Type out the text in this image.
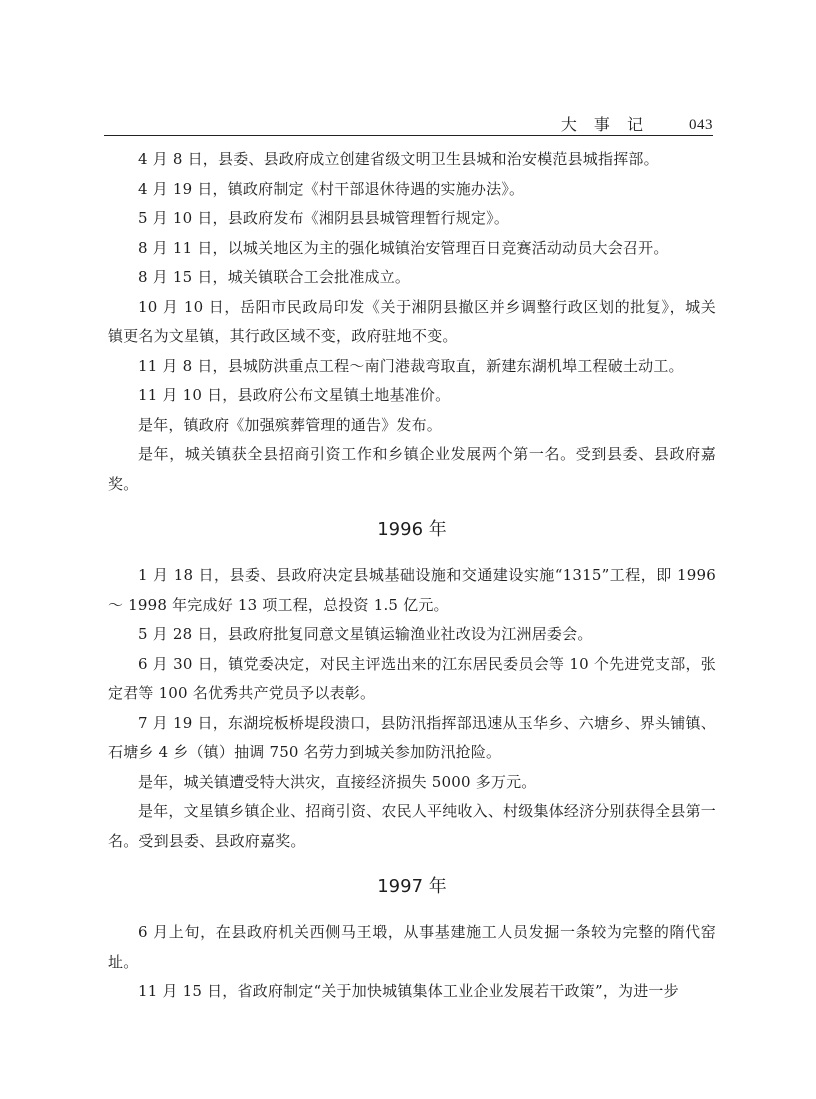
大 事 记	043

4 月 8 日，县委、县政府成立创建省级文明卫生县城和治安模范县城指挥部。

4 月 19 日，镇政府制定《村干部退休待遇的实施办法》。

5 月 10 日，县政府发布《湘阴县县城管理暂行规定》。

8 月 11 日，以城关地区为主的强化城镇治安管理百日竞赛活动动员大会召开。

8 月 15 日，城关镇联合工会批准成立。

10 月 10 日，岳阳市民政局印发《关于湘阴县撤区并乡调整行政区划的批复》，城关镇更名为文星镇，其行政区域不变，政府驻地不变。

11 月 8 日，县城防洪重点工程～南门港裁弯取直，新建东湖机埠工程破土动工。

11 月 10 日，县政府公布文星镇土地基准价。

是年，镇政府《加强殡葬管理的通告》发布。

是年，城关镇获全县招商引资工作和乡镇企业发展两个第一名。受到县委、县政府嘉奖。

1996 年

1 月 18 日，县委、县政府决定县城基础设施和交通建设实施“1315”工程，即 1996 ～ 1998 年完成好 13 项工程，总投资 1.5 亿元。

5 月 28 日，县政府批复同意文星镇运输渔业社改设为江洲居委会。

6 月 30 日，镇党委决定，对民主评选出来的江东居民委员会等 10 个先进党支部，张定君等 100 名优秀共产党员予以表彰。

7 月 19 日，东湖垸板桥堤段溃口，县防汛指挥部迅速从玉华乡、六塘乡、界头铺镇、石塘乡 4 乡（镇）抽调 750 名劳力到城关参加防汛抢险。

是年，城关镇遭受特大洪灾，直接经济损失 5000 多万元。

是年，文星镇乡镇企业、招商引资、农民人平纯收入、村级集体经济分别获得全县第一名。受到县委、县政府嘉奖。

1997 年

6 月上旬，在县政府机关西侧马王塅，从事基建施工人员发掘一条较为完整的隋代窑址。

11 月 15 日，省政府制定“关于加快城镇集体工业企业发展若干政策”，为进一步
